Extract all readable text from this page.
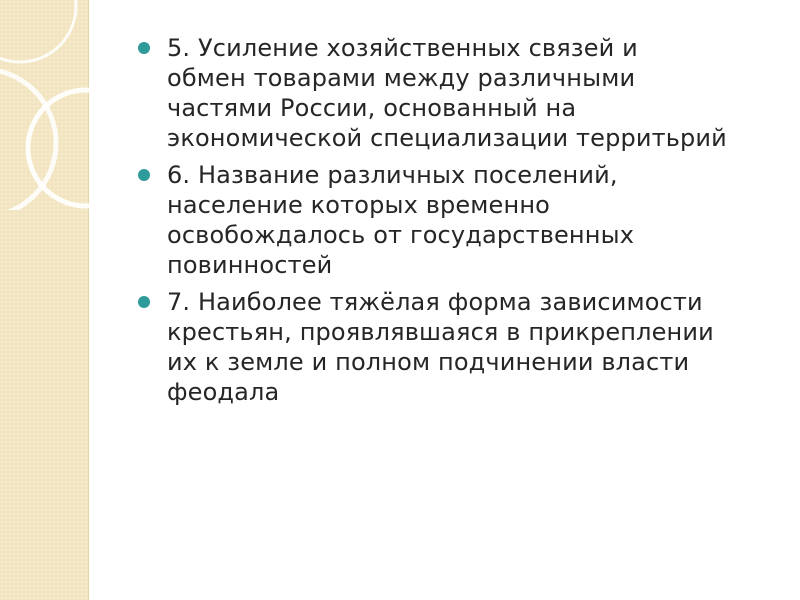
5. Усиление хозяйственных связей и
обмен товарами между различными
частями России, основанный на
экономической специализации территьрий
6. Название различных поселений,
население которых временно
освобождалось от государственных
повинностей
7. Наиболее тяжёлая форма зависимости
крестьян, проявлявшаяся в прикреплении
их к земле и полном подчинении власти
феодала
